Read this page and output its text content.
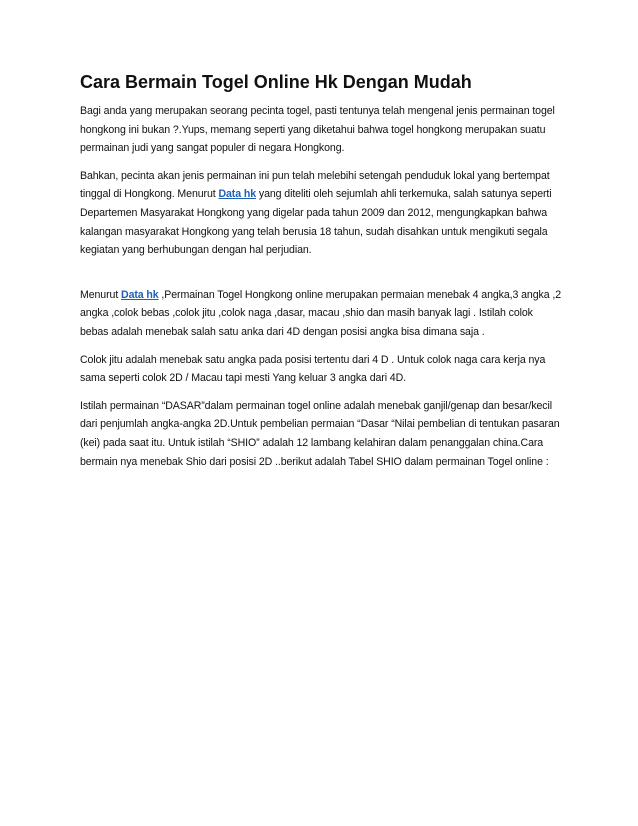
Cara Bermain Togel Online Hk Dengan Mudah

Bagi anda yang merupakan seorang pecinta togel, pasti tentunya telah mengenal jenis permainan togel hongkong ini bukan ?.Yups, memang seperti yang diketahui bahwa togel hongkong merupakan suatu permainan judi yang sangat populer di negara Hongkong.

Bahkan, pecinta akan jenis permainan ini pun telah melebihi setengah penduduk lokal yang bertempat tinggal di Hongkong. Menurut Data hk yang diteliti oleh sejumlah ahli terkemuka, salah satunya seperti Departemen Masyarakat Hongkong yang digelar pada tahun 2009 dan 2012, mengungkapkan bahwa kalangan masyarakat Hongkong yang telah berusia 18 tahun, sudah disahkan untuk mengikuti segala kegiatan yang berhubungan dengan hal perjudian.

Menurut Data hk ,Permainan Togel Hongkong online merupakan permaian menebak 4 angka,3 angka ,2 angka ,colok bebas ,colok jitu ,colok naga ,dasar, macau ,shio dan masih banyak lagi . Istilah colok bebas adalah menebak salah satu anka dari 4D dengan posisi angka bisa dimana saja .

Colok jitu adalah menebak satu angka pada posisi tertentu dari 4 D . Untuk colok naga cara kerja nya sama seperti colok 2D / Macau tapi mesti Yang keluar 3 angka dari 4D.

Istilah permainan “DASAR”dalam permainan togel online adalah menebak ganjil/genap dan besar/kecil dari penjumlah angka-angka 2D.Untuk pembelian permaian “Dasar “Nilai pembelian di tentukan pasaran (kei) pada saat itu. Untuk istilah “SHIO” adalah 12 lambang kelahiran dalam penanggalan china.Cara bermain nya menebak Shio dari posisi 2D ..berikut adalah Tabel SHIO dalam permainan Togel online :
